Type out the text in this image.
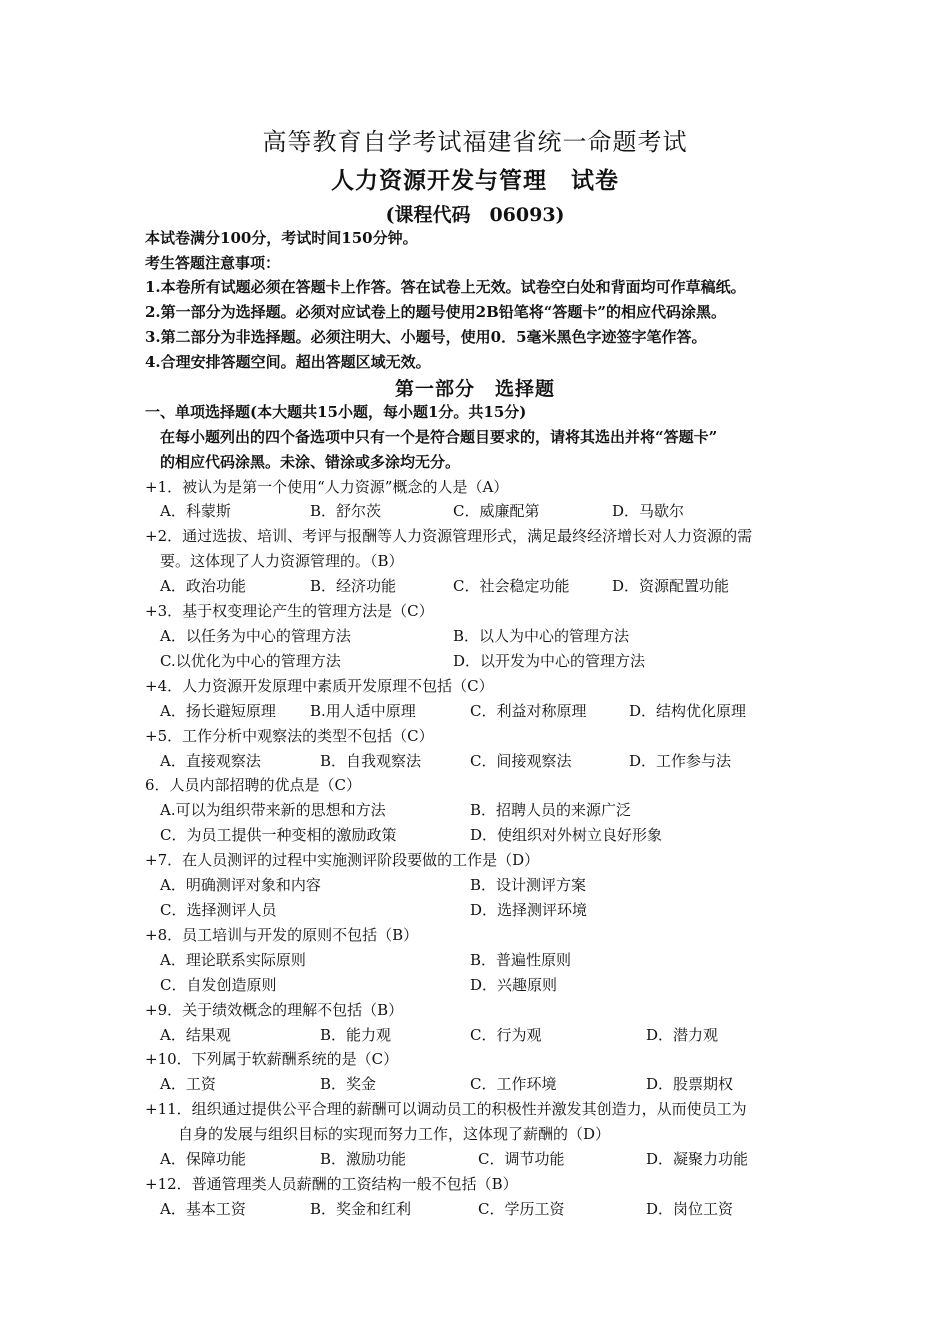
高等教育自学考试福建省统一命题考试
人力资源开发与管理　试卷
(课程代码　06093)
本试卷满分100分，考试时间150分钟。
考生答题注意事项：
1.本卷所有试题必须在答题卡上作答。答在试卷上无效。试卷空白处和背面均可作草稿纸。
2.第一部分为选择题。必须对应试卷上的题号使用2B铅笔将“答题卡”的相应代码涂黑。
3.第二部分为非选择题。必须注明大、小题号，使用0．5毫米黑色字迹签字笔作答。
4.合理安排答题空间。超出答题区域无效。
第一部分　选择题
一、单项选择题(本大题共15小题，每小题1分。共15分)
在每小题列出的四个备选项中只有一个是符合题目要求的，请将其选出并将“答题卡”
的相应代码涂黑。未涂、错涂或多涂均无分。
+1．被认为是第一个使用“人力资源”概念的人是（A）
A．科蒙斯	B．舒尔茨	C．威廉配第	D．马歇尔
+2．通过选拔、培训、考评与报酬等人力资源管理形式，满足最终经济增长对人力资源的需
要。这体现了人力资源管理的。（B）
A．政治功能	B．经济功能	C．社会稳定功能	D．资源配置功能
+3．基于权变理论产生的管理方法是（C）
A．以任务为中心的管理方法	B．以人为中心的管理方法
C.以优化为中心的管理方法	D．以开发为中心的管理方法
+4．人力资源开发原理中素质开发原理不包括（C）
A．扬长避短原理 B.用人适中原理	C．利益对称原理	D．结构优化原理
+5．工作分析中观察法的类型不包括（C）
A．直接观察法	B．自我观察法	C．间接观察法	D．工作参与法
6．人员内部招聘的优点是（C）
A.可以为组织带来新的思想和方法	B．招聘人员的来源广泛
C．为员工提供一种变相的激励政策	D．使组织对外树立良好形象
+7．在人员测评的过程中实施测评阶段要做的工作是（D）
A．明确测评对象和内容	B．设计测评方案
C．选择测评人员	D．选择测评环境
+8．员工培训与开发的原则不包括（B）
A．理论联系实际原则	B．普遍性原则
C．自发创造原则	D．兴趣原则
+9．关于绩效概念的理解不包括（B）
A．结果观	B．能力观	C．行为观	D．潜力观
+10．下列属于软薪酬系统的是（C）
A．工资	B．奖金	C．工作环境	D．股票期权
+11．组织通过提供公平合理的薪酬可以调动员工的积极性并激发其创造力，从而使员工为
自身的发展与组织目标的实现而努力工作，这体现了薪酬的（D）
A．保障功能	B．激励功能	C．调节功能	D．凝聚力功能
+12．普通管理类人员薪酬的工资结构一般不包括（B）
A．基本工资	B．奖金和红利	C．学历工资	D．岗位工资
